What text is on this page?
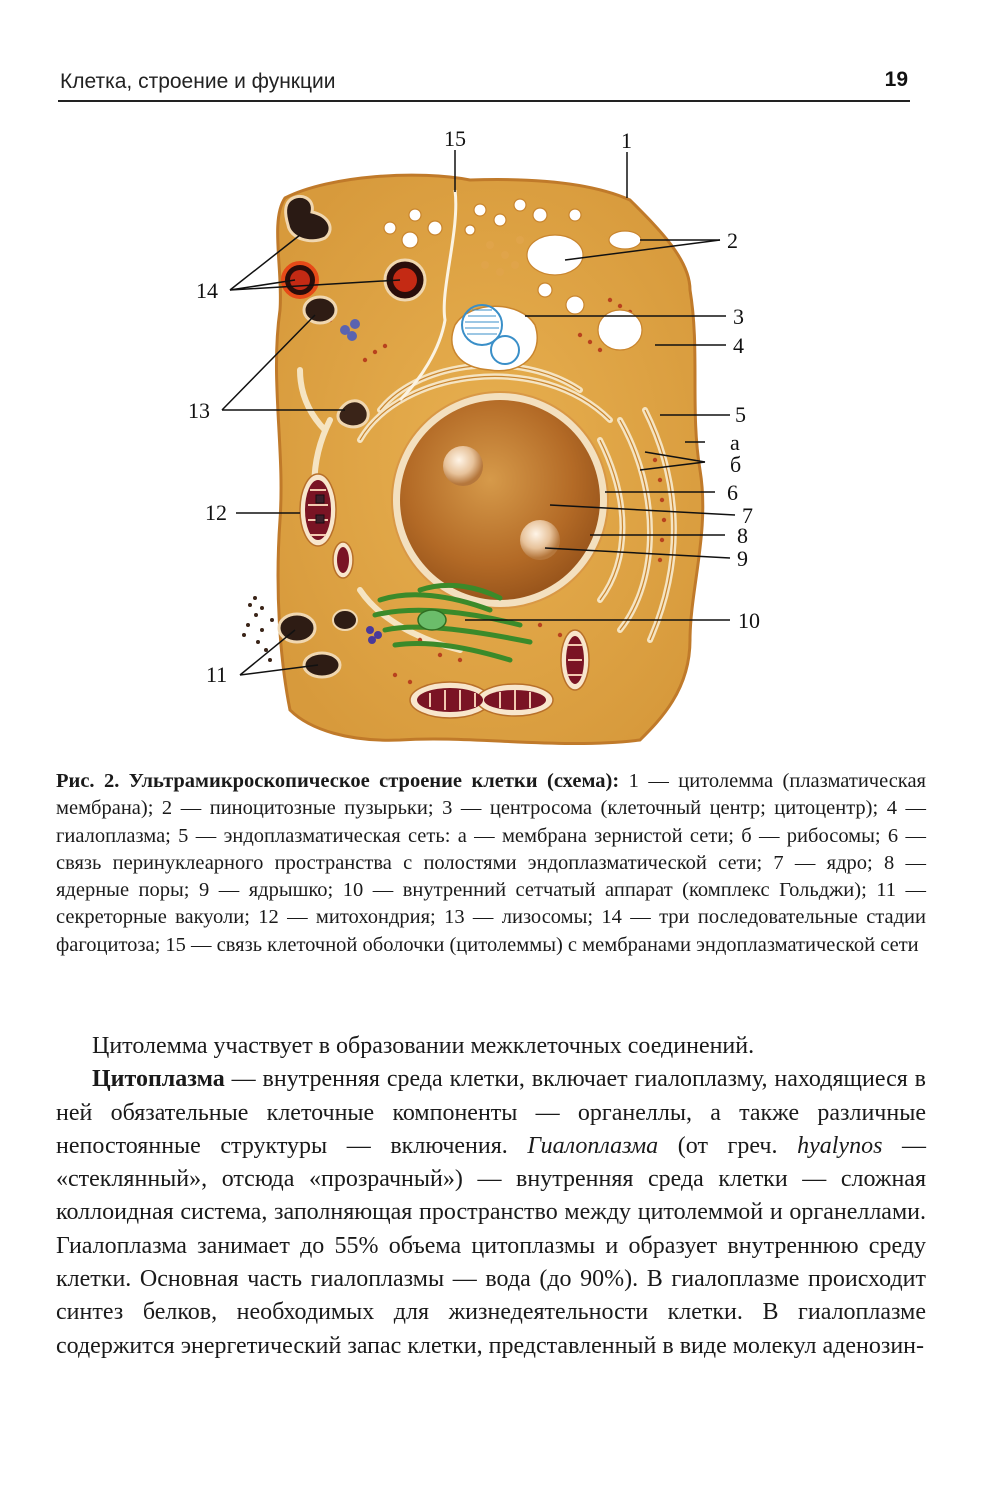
Клетка, строение и функции	19
15	1
2
14
3
4
13	5
а
б
6
12	7
8
9
10
11
Рис. 2. Ультрамикроскопическое строение клетки (схема): 1 — цитолемма (плазматическая мембрана); 2 — пиноцитозные пузырьки; 3 — центросома (клеточный центр; цитоцентр); 4 — гиалоплазма; 5 — эндоплазматическая сеть: а — мембрана зернистой сети; б — рибосомы; 6 — связь перинуклеарного пространства с полостями эндоплазматической сети; 7 — ядро; 8 — ядерные поры; 9 — ядрышко; 10 — внутренний сетчатый аппарат (комплекс Гольджи); 11 — секреторные вакуоли; 12 — митохондрия; 13 — лизосомы; 14 — три последовательные стадии фагоцитоза; 15 — связь клеточной оболочки (цитолеммы) с мембранами эндоплазматической сети

Цитолемма участвует в образовании межклеточных соединений.

Цитоплазма — внутренняя среда клетки, включает гиалоплазму, находящиеся в ней обязательные клеточные компоненты — органеллы, а также различные непостоянные структуры — включения. Гиалоплазма (от греч. hyalynos — «стеклянный», отсюда «прозрачный») — внутренняя среда клетки — сложная коллоидная система, заполняющая пространство между цитолеммой и органеллами. Гиалоплазма занимает до 55% объема цитоплазмы и образует внутреннюю среду клетки. Основная часть гиалоплазмы — вода (до 90%). В гиалоплазме происходит синтез белков, необходимых для жизнедеятельности клетки. В гиалоплазме содержится энергетический запас клетки, представленный в виде молекул аденозин-
